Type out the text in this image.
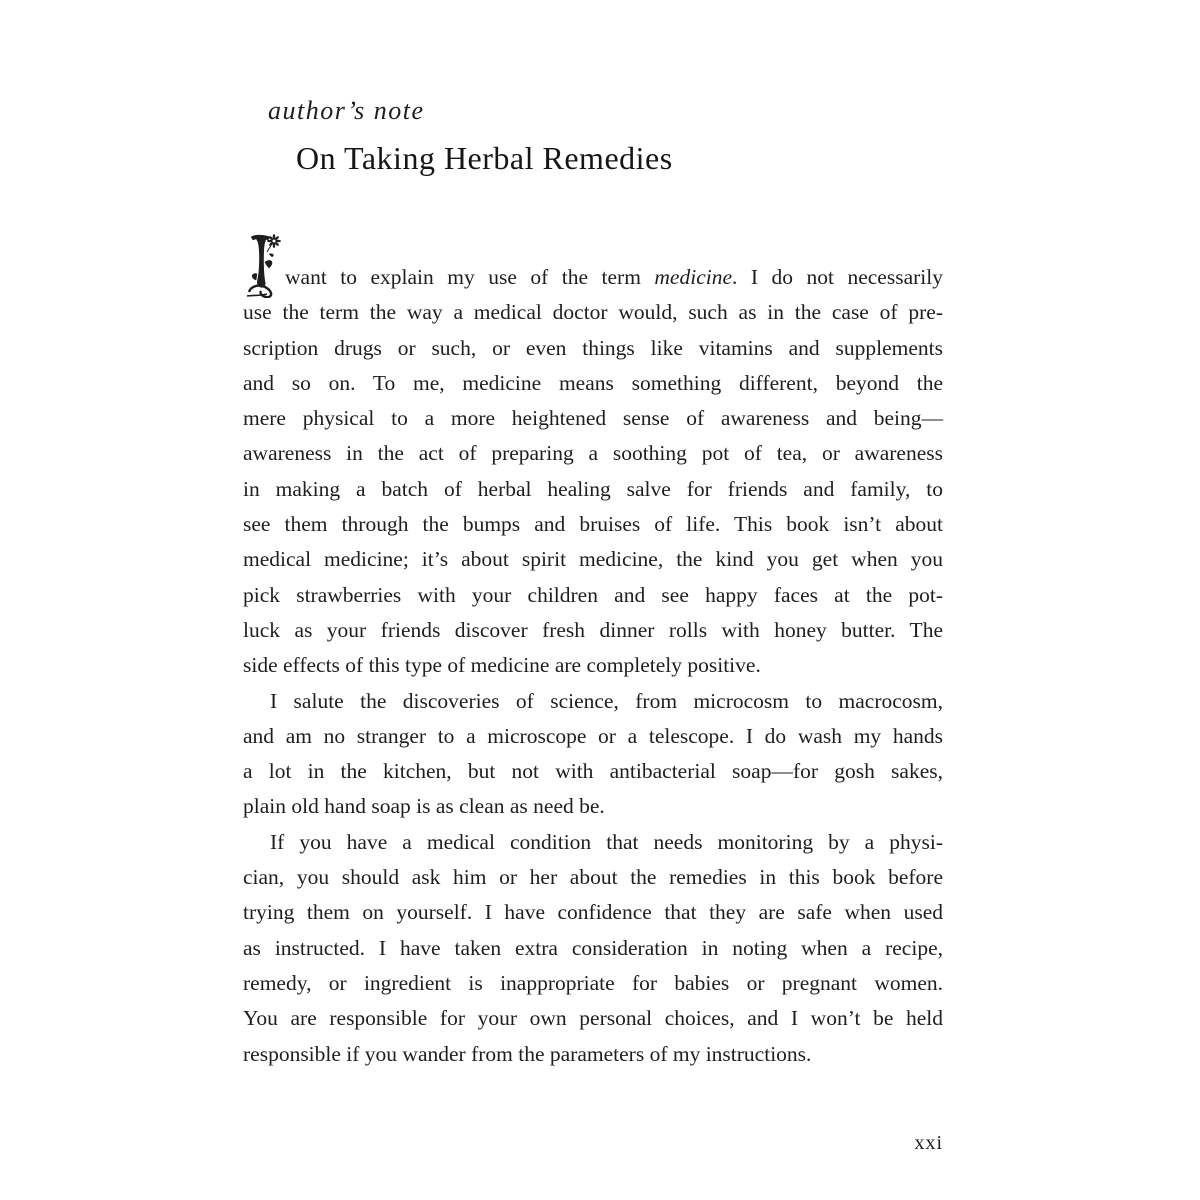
author’s note
On Taking Herbal Remedies
want to explain my use of the term medicine. I do not necessarily
use the term the way a medical doctor would, such as in the case of pre-
scription drugs or such, or even things like vitamins and supplements
and so on. To me, medicine means something different, beyond the
mere physical to a more heightened sense of awareness and being—
awareness in the act of preparing a soothing pot of tea, or awareness
in making a batch of herbal healing salve for friends and family, to
see them through the bumps and bruises of life. This book isn’t about
medical medicine; it’s about spirit medicine, the kind you get when you
pick strawberries with your children and see happy faces at the pot-
luck as your friends discover fresh dinner rolls with honey butter. The
side effects of this type of medicine are completely positive.
I salute the discoveries of science, from microcosm to macrocosm,
and am no stranger to a microscope or a telescope. I do wash my hands
a lot in the kitchen, but not with antibacterial soap—for gosh sakes,
plain old hand soap is as clean as need be.
If you have a medical condition that needs monitoring by a physi-
cian, you should ask him or her about the remedies in this book before
trying them on yourself. I have confidence that they are safe when used
as instructed. I have taken extra consideration in noting when a recipe,
remedy, or ingredient is inappropriate for babies or pregnant women.
You are responsible for your own personal choices, and I won’t be held
responsible if you wander from the parameters of my instructions.
xxi
